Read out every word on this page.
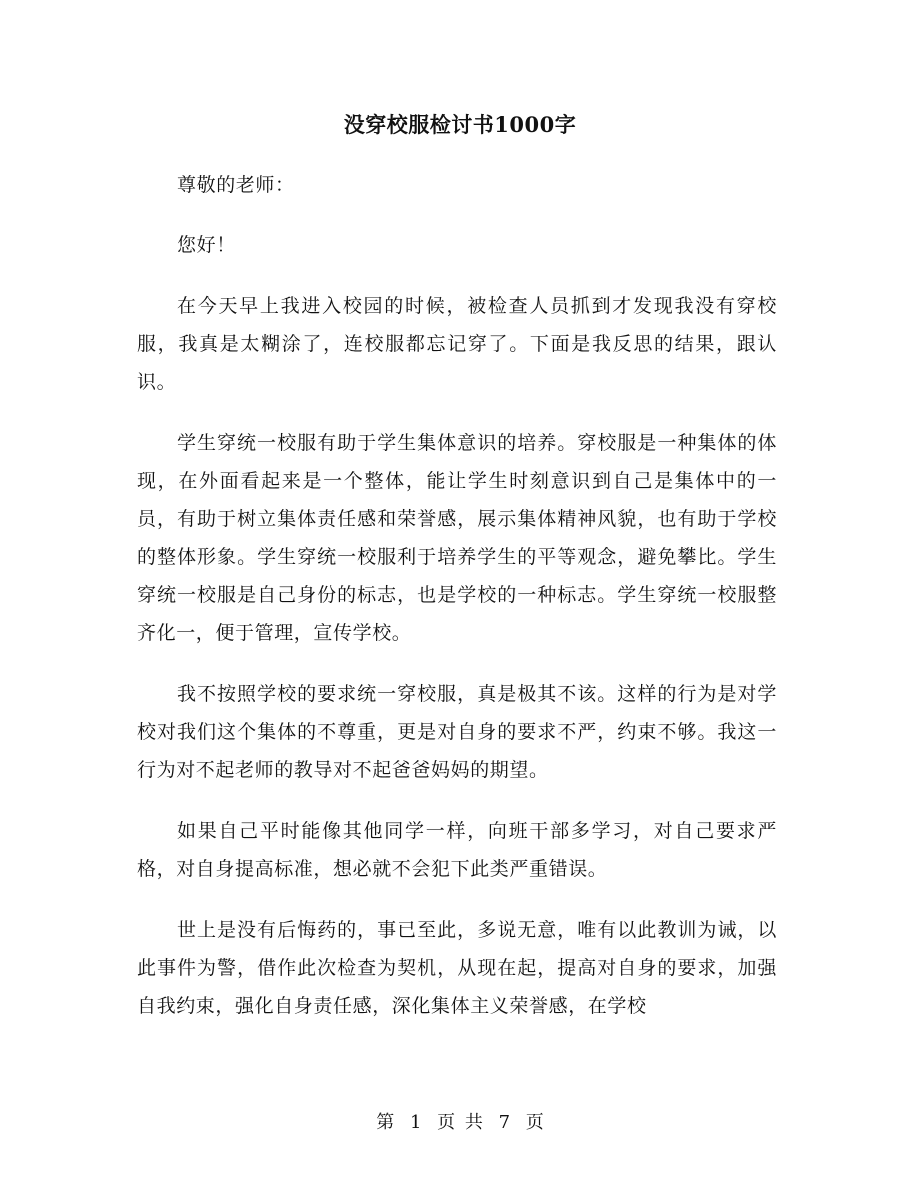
没穿校服检讨书1000字

尊敬的老师：

您好！

在今天早上我进入校园的时候，被检查人员抓到才发现我没有穿校服，我真是太糊涂了，连校服都忘记穿了。下面是我反思的结果，跟认识。

学生穿统一校服有助于学生集体意识的培养。穿校服是一种集体的体现，在外面看起来是一个整体，能让学生时刻意识到自己是集体中的一员，有助于树立集体责任感和荣誉感，展示集体精神风貌，也有助于学校的整体形象。学生穿统一校服利于培养学生的平等观念，避免攀比。学生穿统一校服是自己身份的标志，也是学校的一种标志。学生穿统一校服整齐化一，便于管理，宣传学校。

我不按照学校的要求统一穿校服，真是极其不该。这样的行为是对学校对我们这个集体的不尊重，更是对自身的要求不严，约束不够。我这一行为对不起老师的教导对不起爸爸妈妈的期望。

如果自己平时能像其他同学一样，向班干部多学习，对自己要求严格，对自身提高标准，想必就不会犯下此类严重错误。

世上是没有后悔药的，事已至此，多说无意，唯有以此教训为诫，以此事件为警，借作此次检查为契机，从现在起，提高对自身的要求，加强自我约束，强化自身责任感，深化集体主义荣誉感，在学校

第 1 页 共 7 页
